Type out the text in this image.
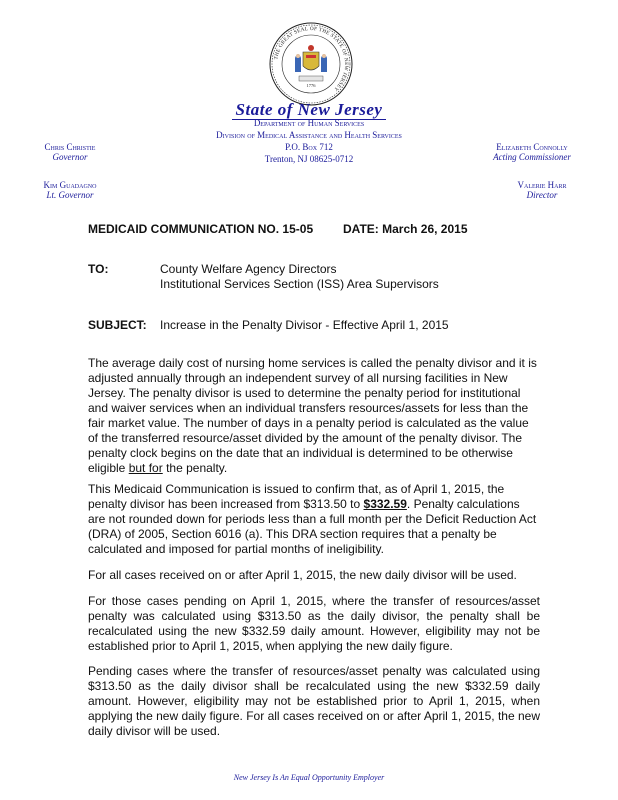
THE GREAT SEAL OF THE STATE OF NEW JERSEY
1776
State of New Jersey
Department of Human Services
Division of Medical Assistance and Health Services
P.O. Box 712
Trenton, NJ 08625-0712
Chris Christie
Governor
Elizabeth Connolly
Acting Commissioner
Kim Guadagno
Lt. Governor
Valerie Harr
Director
MEDICAID COMMUNICATION NO. 15-05 DATE: March 26, 2015
TO:	County Welfare Agency Directors
Institutional Services Section (ISS) Area Supervisors
SUBJECT: Increase in the Penalty Divisor - Effective April 1, 2015
The average daily cost of nursing home services is called the penalty divisor and it is adjusted annually through an independent survey of all nursing facilities in New Jersey. The penalty divisor is used to determine the penalty period for institutional and waiver services when an individual transfers resources/assets for less than the fair market value. The number of days in a penalty period is calculated as the value of the transferred resource/asset divided by the amount of the penalty divisor. The penalty clock begins on the date that an individual is determined to be otherwise eligible but for the penalty.
This Medicaid Communication is issued to confirm that, as of April 1, 2015, the penalty divisor has been increased from $313.50 to $332.59. Penalty calculations are not rounded down for periods less than a full month per the Deficit Reduction Act (DRA) of 2005, Section 6016 (a). This DRA section requires that a penalty be calculated and imposed for partial months of ineligibility.
For all cases received on or after April 1, 2015, the new daily divisor will be used.
For those cases pending on April 1, 2015, where the transfer of resources/asset penalty was calculated using $313.50 as the daily divisor, the penalty shall be recalculated using the new $332.59 daily amount. However, eligibility may not be established prior to April 1, 2015, when applying the new daily figure.
Pending cases where the transfer of resources/asset penalty was calculated using $313.50 as the daily divisor shall be recalculated using the new $332.59 daily amount. However, eligibility may not be established prior to April 1, 2015, when applying the new daily figure. For all cases received on or after April 1, 2015, the new daily divisor will be used.
New Jersey Is An Equal Opportunity Employer
